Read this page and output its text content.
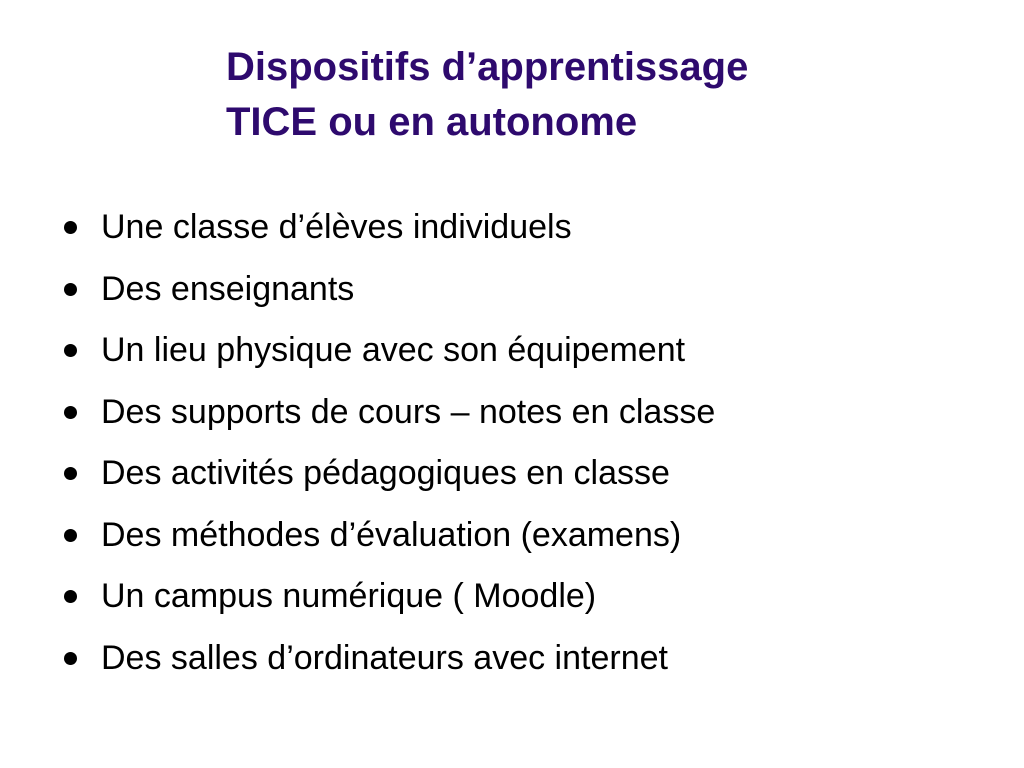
Dispositifs d’apprentissage
TICE ou en autonome
Une classe d’élèves individuels
Des enseignants
Un lieu physique avec son équipement
Des supports de cours – notes en classe
Des activités pédagogiques en classe
Des méthodes d’évaluation (examens)
Un campus numérique ( Moodle)
Des salles d’ordinateurs avec internet
